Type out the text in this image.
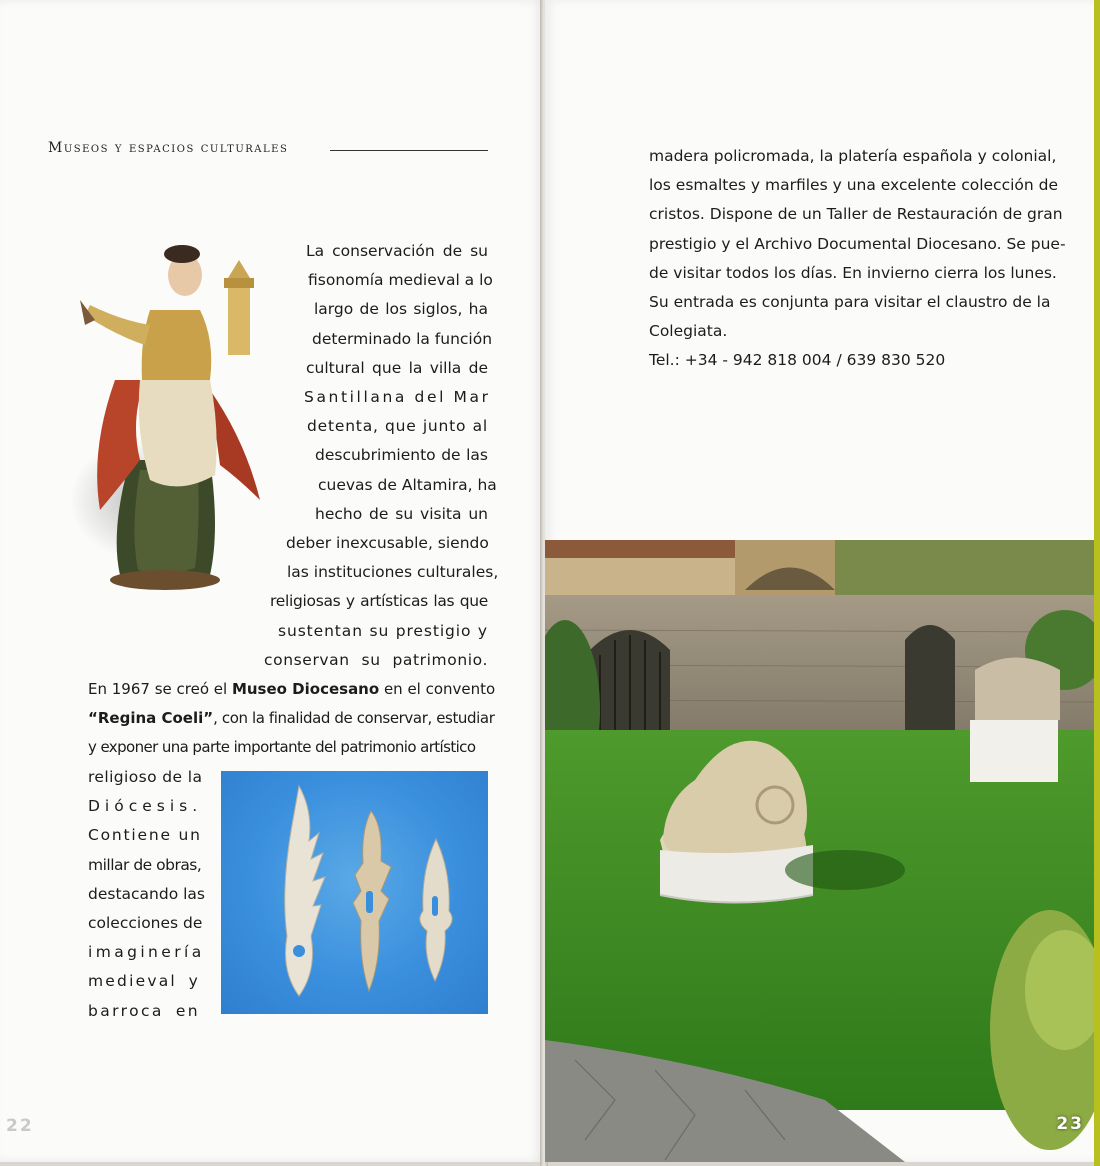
Museos y espacios culturales
La conservación de su
fisonomía medieval a lo
largo de los siglos, ha
determinado la función
cultural que la villa de
Santillana del Mar
detenta, que junto al
descubrimiento de las
cuevas de Altamira, ha
hecho de su visita un
deber inexcusable, siendo
las instituciones culturales,
religiosas y artísticas las que
sustentan su prestigio y
conservan su patrimonio.
En 1967 se creó el Museo Diocesano en el convento
“Regina Coeli”, con la finalidad de conservar, estudiar
y exponer una parte importante del patrimonio artístico
religioso de la
Diócesis.
Contiene un
millar de obras,
destacando las
colecciones de
imaginería
medieval y
barroca en
22
madera policromada, la platería española y colonial,
los esmaltes y marfiles y una excelente colección de
cristos. Dispone de un Taller de Restauración de gran
prestigio y el Archivo Documental Diocesano. Se pue-
de visitar todos los días. En invierno cierra los lunes.
Su entrada es conjunta para visitar el claustro de la
Colegiata.
Tel.: +34 - 942 818 004 / 639 830 520
23
